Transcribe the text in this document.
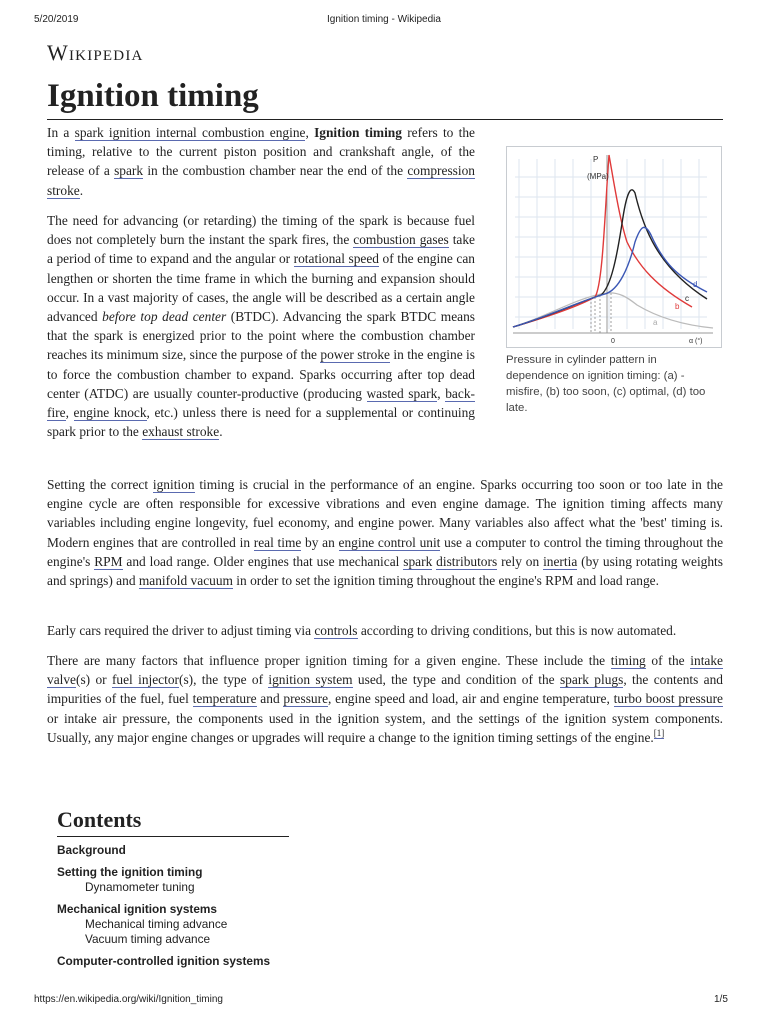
5/20/2019	Ignition timing - Wikipedia
Wikipedia
Ignition timing

In a spark ignition internal combustion engine, Ignition timing refers to the timing, relative to the current piston position and crankshaft angle, of the release of a spark in the combustion chamber near the end of the compression stroke.

The need for advancing (or retarding) the timing of the spark is because fuel does not completely burn the instant the spark fires, the combustion gases take a period of time to expand and the angular or rotational speed of the engine can lengthen or shorten the time frame in which the burning and expansion should occur. In a vast majority of cases, the angle will be described as a certain angle advanced before top dead center (BTDC). Advancing the spark BTDC means that the spark is energized prior to the point where the combustion chamber reaches its minimum size, since the purpose of the power stroke in the engine is to force the combustion chamber to expand. Sparks occurring after top dead center (ATDC) are usually counter-productive (producing wasted spark, back-fire, engine knock, etc.) unless there is need for a supplemental or continuing spark prior to the exhaust stroke.

P
(MPa)
0	α (°)
d
c
b
a
Pressure in cylinder pattern in dependence on ignition timing: (a) - misfire, (b) too soon, (c) optimal, (d) too late.

Setting the correct ignition timing is crucial in the performance of an engine. Sparks occurring too soon or too late in the engine cycle are often responsible for excessive vibrations and even engine damage. The ignition timing affects many variables including engine longevity, fuel economy, and engine power. Many variables also affect what the 'best' timing is. Modern engines that are controlled in real time by an engine control unit use a computer to control the timing throughout the engine's RPM and load range. Older engines that use mechanical spark distributors rely on inertia (by using rotating weights and springs) and manifold vacuum in order to set the ignition timing throughout the engine's RPM and load range.

Early cars required the driver to adjust timing via controls according to driving conditions, but this is now automated.

There are many factors that influence proper ignition timing for a given engine. These include the timing of the intake valve(s) or fuel injector(s), the type of ignition system used, the type and condition of the spark plugs, the contents and impurities of the fuel, fuel temperature and pressure, engine speed and load, air and engine temperature, turbo boost pressure or intake air pressure, the components used in the ignition system, and the settings of the ignition system components. Usually, any major engine changes or upgrades will require a change to the ignition timing settings of the engine.[1]

Contents
Background
Setting the ignition timing
Dynamometer tuning
Mechanical ignition systems
Mechanical timing advance
Vacuum timing advance
Computer-controlled ignition systems
https://en.wikipedia.org/wiki/Ignition_timing	1/5
